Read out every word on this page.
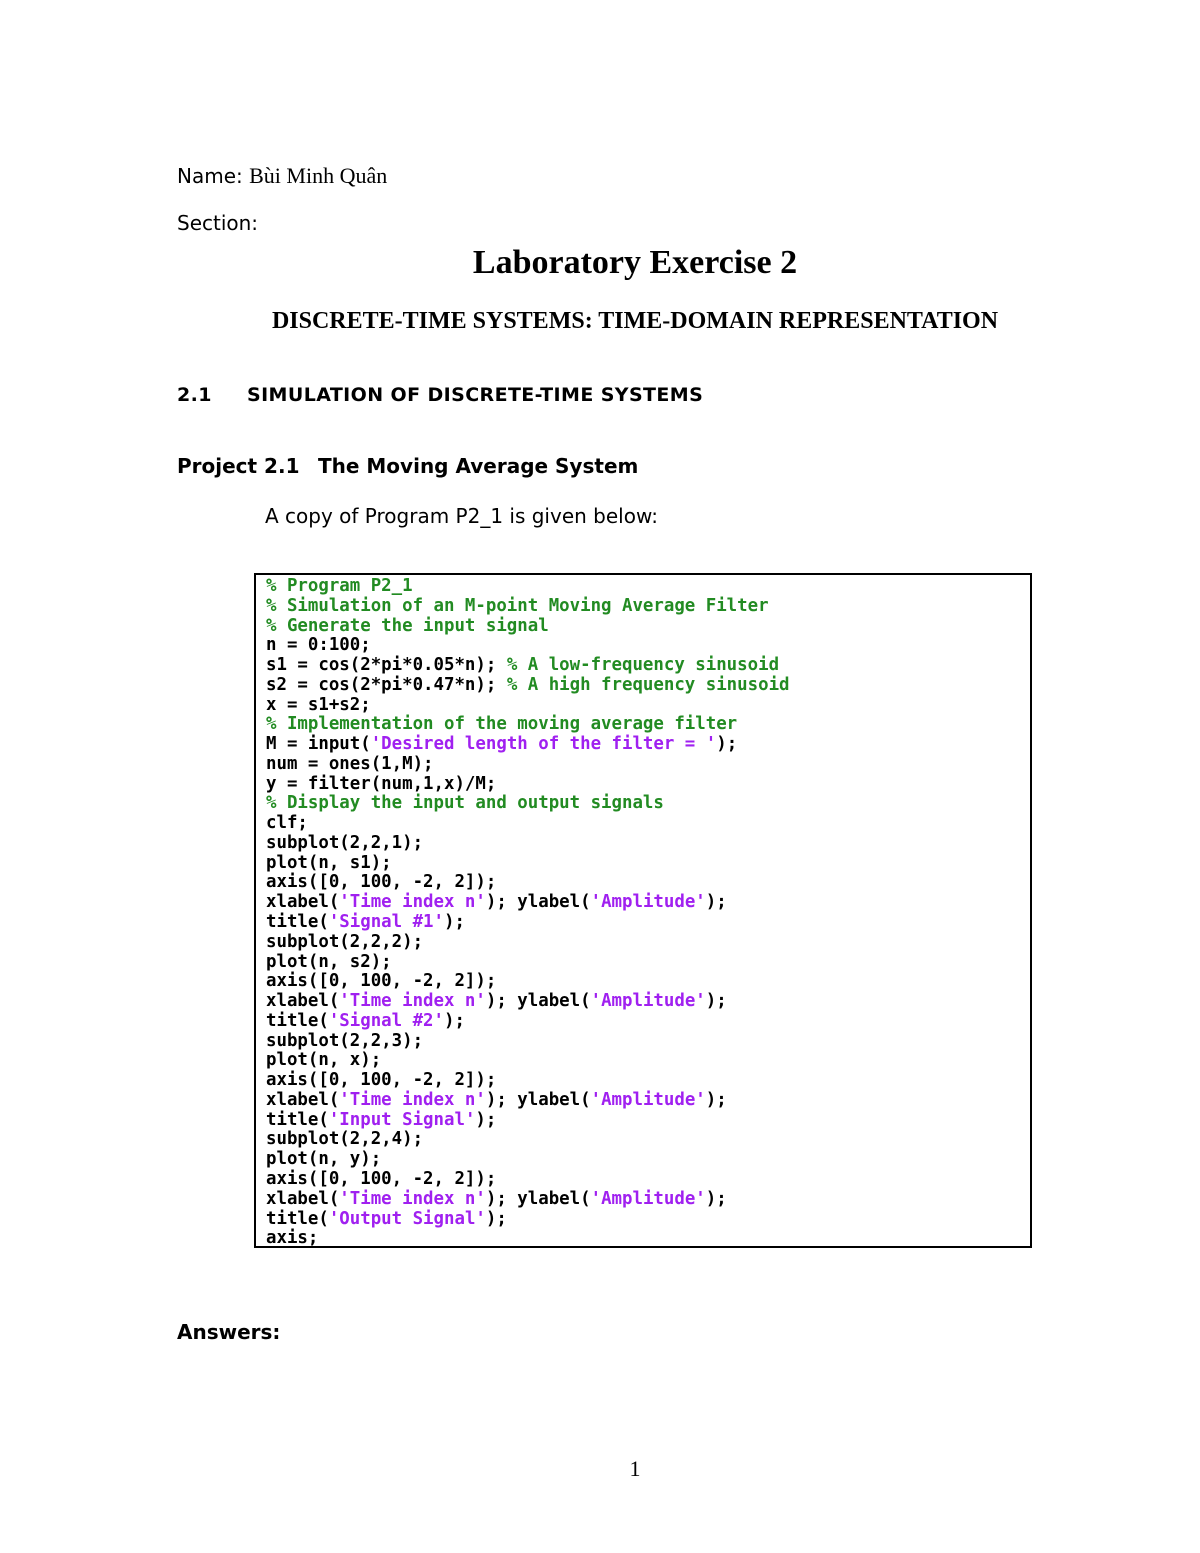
Name: Bùi Minh Quân
Section:
Laboratory Exercise 2
DISCRETE-TIME SYSTEMS: TIME-DOMAIN REPRESENTATION
2.1 SIMULATION OF DISCRETE-TIME SYSTEMS
Project 2.1 The Moving Average System
A copy of Program P2_1 is given below:
% Program P2_1
% Simulation of an M-point Moving Average Filter
% Generate the input signal
n = 0:100;
s1 = cos(2*pi*0.05*n); % A low-frequency sinusoid
s2 = cos(2*pi*0.47*n); % A high frequency sinusoid
x = s1+s2;
% Implementation of the moving average filter
M = input('Desired length of the filter = ');
num = ones(1,M);
y = filter(num,1,x)/M;
% Display the input and output signals
clf;
subplot(2,2,1);
plot(n, s1);
axis([0, 100, -2, 2]);
xlabel('Time index n'); ylabel('Amplitude');
title('Signal #1');
subplot(2,2,2);
plot(n, s2);
axis([0, 100, -2, 2]);
xlabel('Time index n'); ylabel('Amplitude');
title('Signal #2');
subplot(2,2,3);
plot(n, x);
axis([0, 100, -2, 2]);
xlabel('Time index n'); ylabel('Amplitude');
title('Input Signal');
subplot(2,2,4);
plot(n, y);
axis([0, 100, -2, 2]);
xlabel('Time index n'); ylabel('Amplitude');
title('Output Signal');
axis;
Answers:
1
